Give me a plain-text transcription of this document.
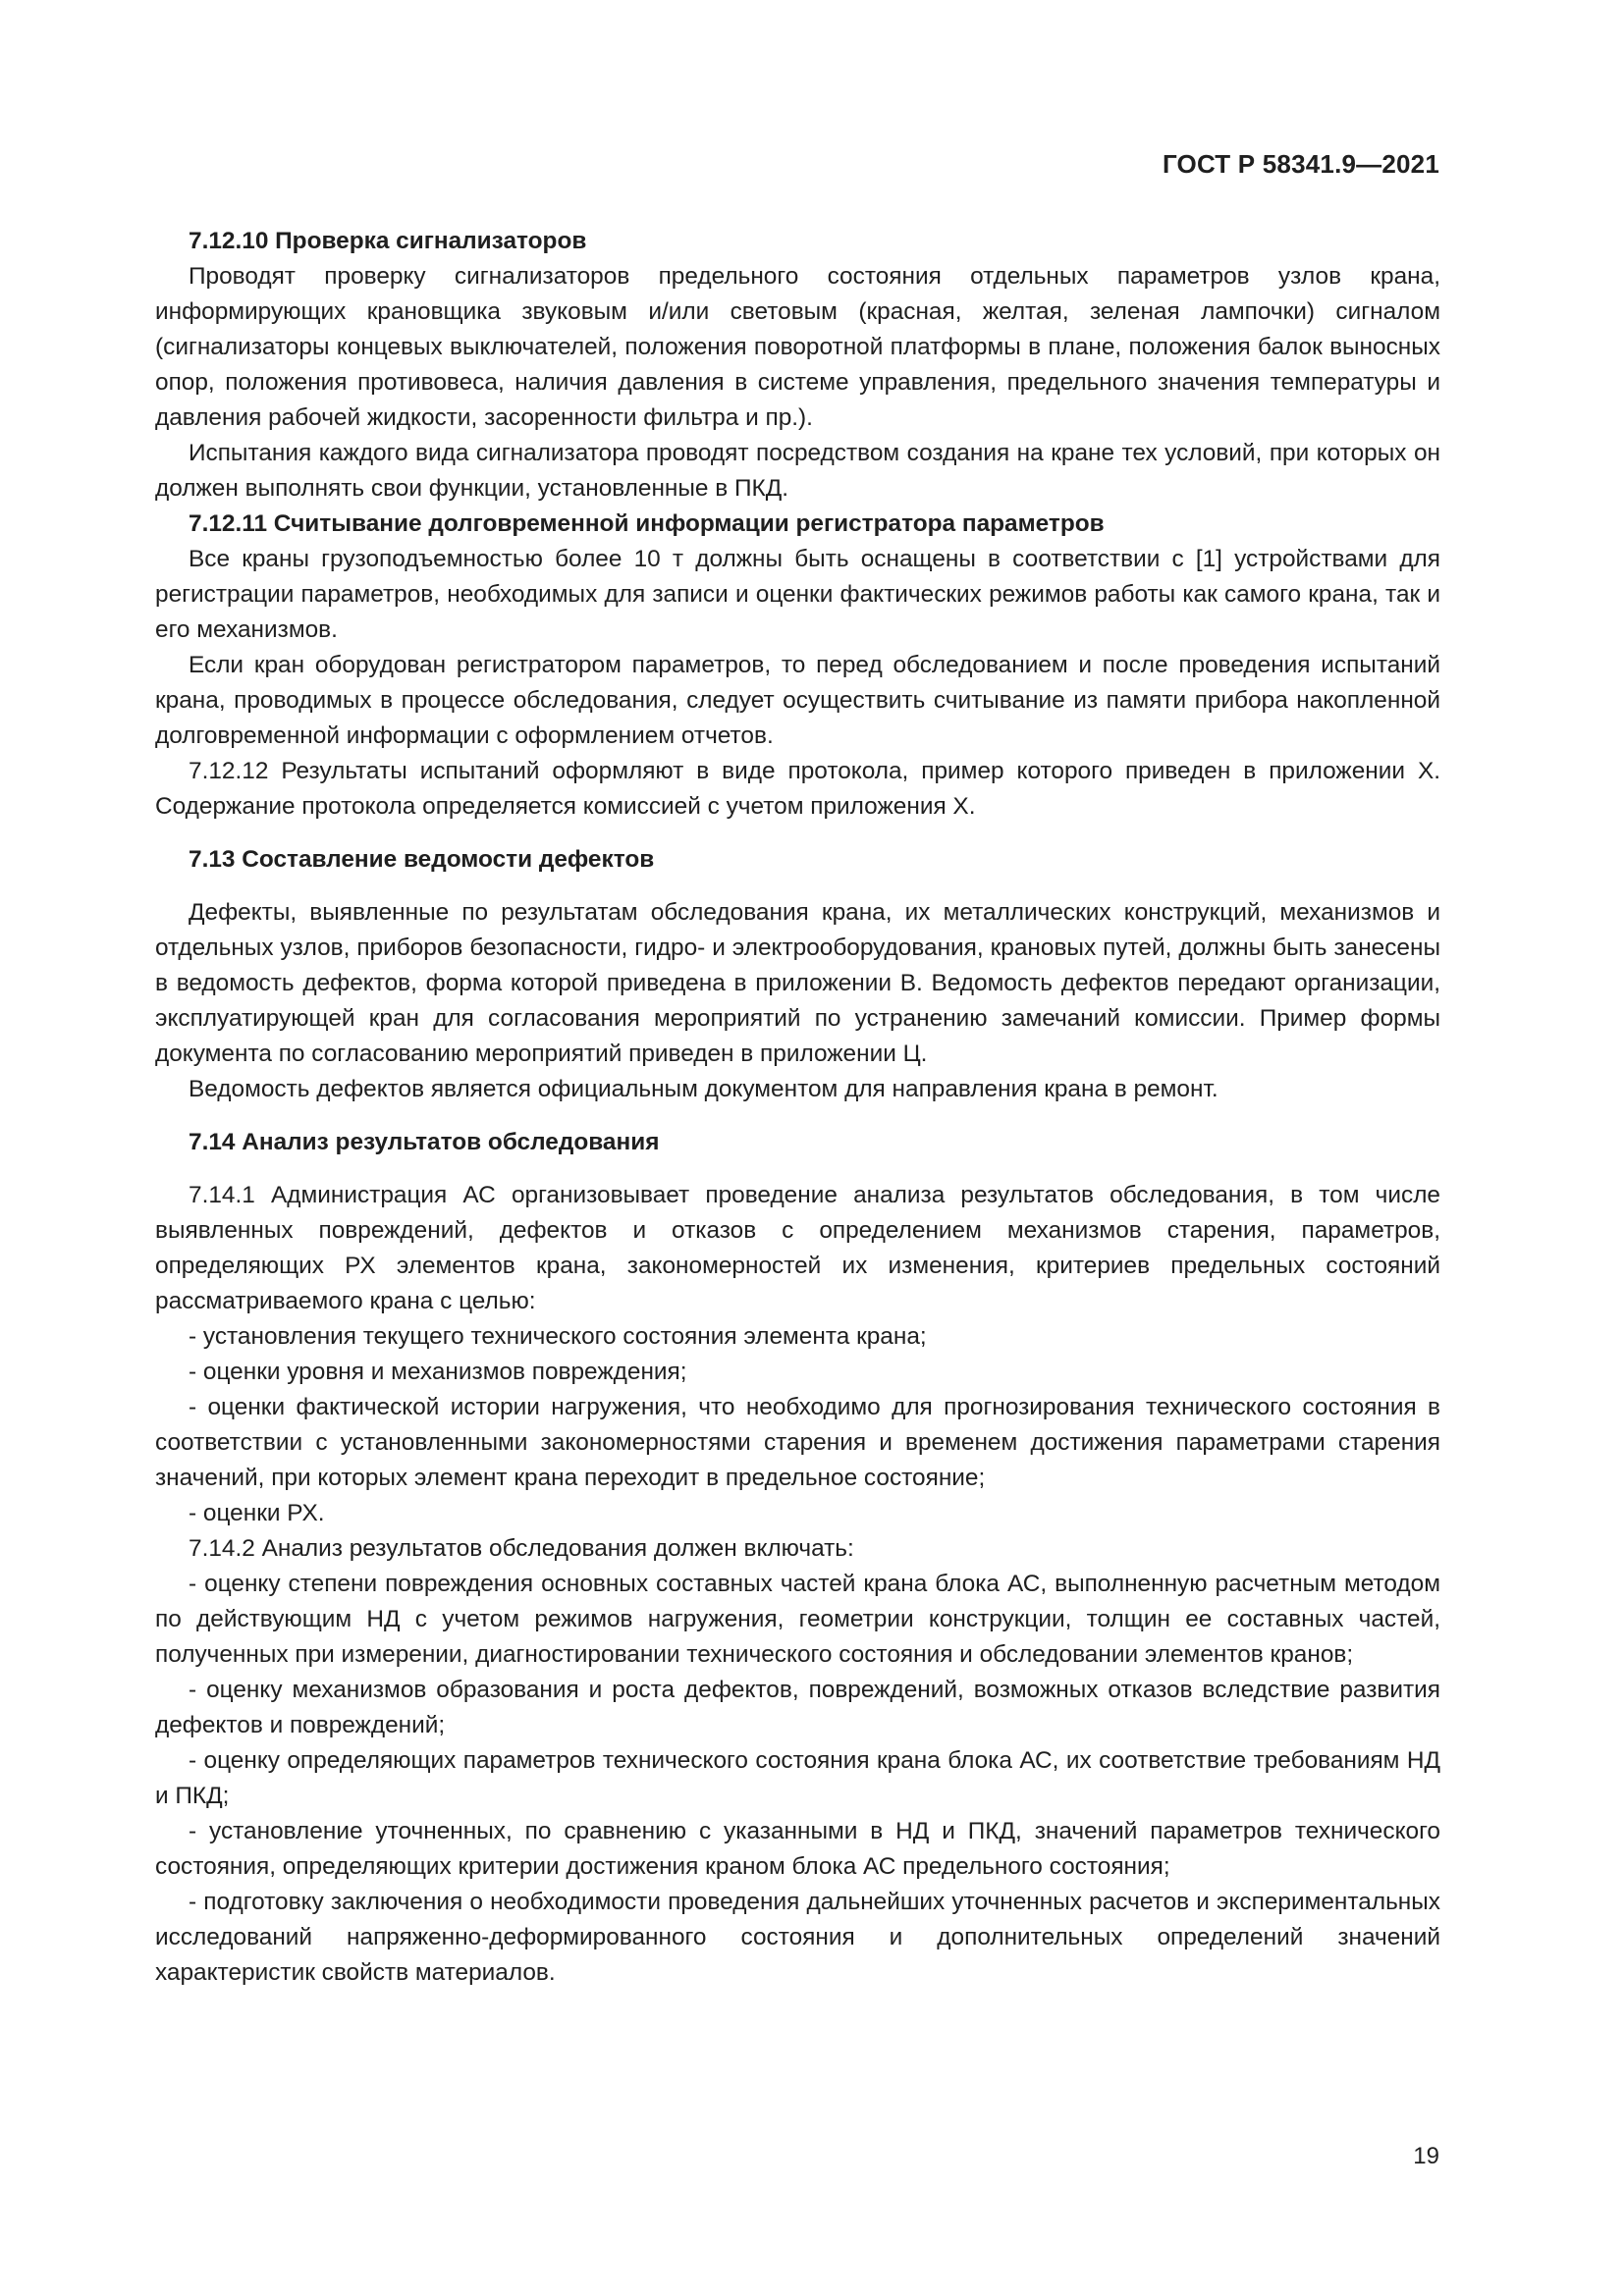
ГОСТ Р 58341.9—2021
7.12.10 Проверка сигнализаторов

Проводят проверку сигнализаторов предельного состояния отдельных параметров узлов крана, информирующих крановщика звуковым и/или световым (красная, желтая, зеленая лампочки) сигналом (сигнализаторы концевых выключателей, положения поворотной платформы в плане, положения балок выносных опор, положения противовеса, наличия давления в системе управления, предельного значения температуры и давления рабочей жидкости, засоренности фильтра и пр.).

Испытания каждого вида сигнализатора проводят посредством создания на кране тех условий, при которых он должен выполнять свои функции, установленные в ПКД.

7.12.11 Считывание долговременной информации регистратора параметров

Все краны грузоподъемностью более 10 т должны быть оснащены в соответствии с [1] устройствами для регистрации параметров, необходимых для записи и оценки фактических режимов работы как самого крана, так и его механизмов.

Если кран оборудован регистратором параметров, то перед обследованием и после проведения испытаний крана, проводимых в процессе обследования, следует осуществить считывание из памяти прибора накопленной долговременной информации с оформлением отчетов.

7.12.12 Результаты испытаний оформляют в виде протокола, пример которого приведен в приложении Х. Содержание протокола определяется комиссией с учетом приложения Х.

7.13 Составление ведомости дефектов

Дефекты, выявленные по результатам обследования крана, их металлических конструкций, механизмов и отдельных узлов, приборов безопасности, гидро- и электрооборудования, крановых путей, должны быть занесены в ведомость дефектов, форма которой приведена в приложении В. Ведомость дефектов передают организации, эксплуатирующей кран для согласования мероприятий по устранению замечаний комиссии. Пример формы документа по согласованию мероприятий приведен в приложении Ц.

Ведомость дефектов является официальным документом для направления крана в ремонт.

7.14 Анализ результатов обследования

7.14.1 Администрация АС организовывает проведение анализа результатов обследования, в том числе выявленных повреждений, дефектов и отказов с определением механизмов старения, параметров, определяющих РХ элементов крана, закономерностей их изменения, критериев предельных состояний рассматриваемого крана с целью:

- установления текущего технического состояния элемента крана;

- оценки уровня и механизмов повреждения;

- оценки фактической истории нагружения, что необходимо для прогнозирования технического состояния в соответствии с установленными закономерностями старения и временем достижения параметрами старения значений, при которых элемент крана переходит в предельное состояние;

- оценки РХ.

7.14.2 Анализ результатов обследования должен включать:

- оценку степени повреждения основных составных частей крана блока АС, выполненную расчетным методом по действующим НД с учетом режимов нагружения, геометрии конструкции, толщин ее составных частей, полученных при измерении, диагностировании технического состояния и обследовании элементов кранов;

- оценку механизмов образования и роста дефектов, повреждений, возможных отказов вследствие развития дефектов и повреждений;

- оценку определяющих параметров технического состояния крана блока АС, их соответствие требованиям НД и ПКД;

- установление уточненных, по сравнению с указанными в НД и ПКД, значений параметров технического состояния, определяющих критерии достижения краном блока АС предельного состояния;

- подготовку заключения о необходимости проведения дальнейших уточненных расчетов и экспериментальных исследований напряженно-деформированного состояния и дополнительных определений значений характеристик свойств материалов.

19
